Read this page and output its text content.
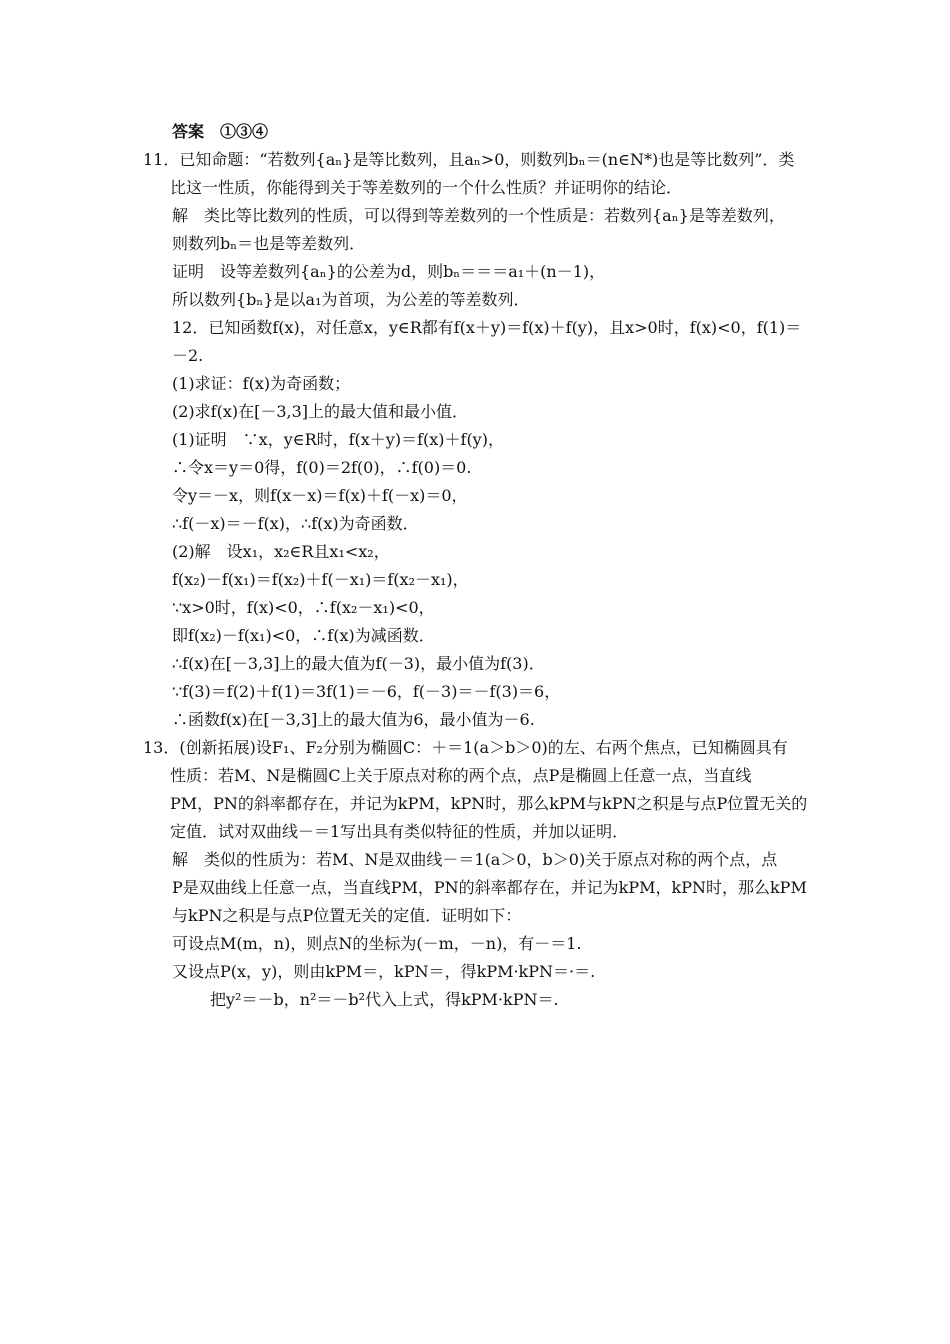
答案　①③④
11．已知命题：“若数列{aₙ}是等比数列，且aₙ>0，则数列bₙ＝(n∈N*)也是等比数列”．类
比这一性质，你能得到关于等差数列的一个什么性质？并证明你的结论．
解　类比等比数列的性质，可以得到等差数列的一个性质是：若数列{aₙ}是等差数列，
则数列bₙ＝也是等差数列．
证明　设等差数列{aₙ}的公差为d，则bₙ＝＝＝a₁＋(n－1)，
所以数列{bₙ}是以a₁为首项，为公差的等差数列．
12．已知函数f(x)，对任意x，y∈R都有f(x＋y)＝f(x)＋f(y)，且x>0时，f(x)<0，f(1)＝
－2.
(1)求证：f(x)为奇函数；
(2)求f(x)在[－3,3]上的最大值和最小值．
(1)证明　∵x，y∈R时，f(x＋y)＝f(x)＋f(y)，
∴令x＝y＝0得，f(0)＝2f(0)，∴f(0)＝0.
令y＝－x，则f(x－x)＝f(x)＋f(－x)＝0，
∴f(－x)＝－f(x)，∴f(x)为奇函数．
(2)解　设x₁，x₂∈R且x₁<x₂，
f(x₂)－f(x₁)＝f(x₂)＋f(－x₁)＝f(x₂－x₁)，
∵x>0时，f(x)<0，∴f(x₂－x₁)<0，
即f(x₂)－f(x₁)<0，∴f(x)为减函数．
∴f(x)在[－3,3]上的最大值为f(－3)，最小值为f(3)．
∵f(3)＝f(2)＋f(1)＝3f(1)＝－6，f(－3)＝－f(3)＝6，
∴函数f(x)在[－3,3]上的最大值为6，最小值为－6.
13．(创新拓展)设F₁、F₂分别为椭圆C：＋＝1(a＞b＞0)的左、右两个焦点，已知椭圆具有
性质：若M、N是椭圆C上关于原点对称的两个点，点P是椭圆上任意一点，当直线
PM，PN的斜率都存在，并记为kPM，kPN时，那么kPM与kPN之积是与点P位置无关的
定值．试对双曲线－＝1写出具有类似特征的性质，并加以证明．
解　类似的性质为：若M、N是双曲线－＝1(a＞0，b＞0)关于原点对称的两个点，点
P是双曲线上任意一点，当直线PM，PN的斜率都存在，并记为kPM，kPN时，那么kPM
与kPN之积是与点P位置无关的定值．证明如下：
可设点M(m，n)，则点N的坐标为(－m，－n)，有－＝1.
又设点P(x，y)，则由kPM＝，kPN＝，得kPM·kPN＝·＝.
把y²＝－b，n²＝－b²代入上式，得kPM·kPN＝.
